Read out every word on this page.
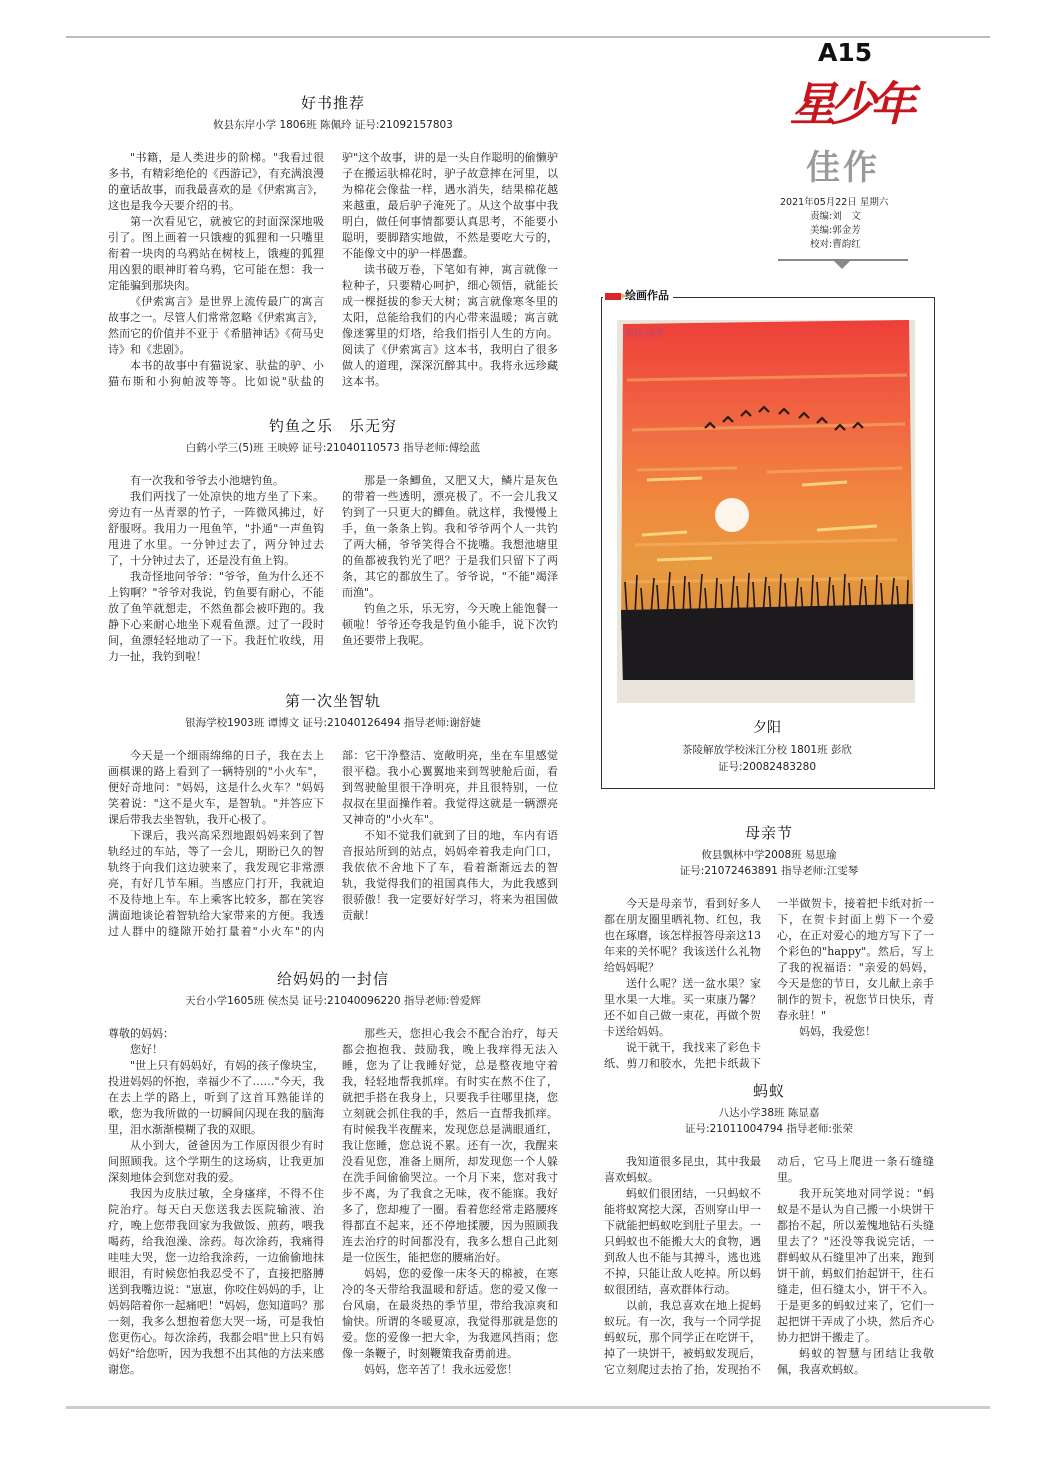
A15
星少年
佳作
2021年05月22日 星期六
责编:刘　文
美编:郭金芳
校对:曹韵红
好书推荐
攸县东岸小学 1806班 陈佩玲 证号:21092157803

"书籍，是人类进步的阶梯。"我看过很多书，有精彩绝伦的《西游记》，有充满浪漫的童话故事，而我最喜欢的是《伊索寓言》，这也是我今天要介绍的书。

第一次看见它，就被它的封面深深地吸引了。图上画着一只饿瘦的狐狸和一只嘴里衔着一块肉的乌鸦站在树枝上，饿瘦的狐狸用凶狠的眼神盯着乌鸦，它可能在想：我一定能骗到那块肉。

《伊索寓言》是世界上流传最广的寓言故事之一。尽管人们常常忽略《伊索寓言》，然而它的价值并不亚于《希腊神话》《荷马史诗》和《悲剧》。

本书的故事中有猫说家、驮盐的驴、小猫布斯和小狗帕波等等。比如说"驮盐的驴"这个故事，讲的是一头自作聪明的偷懒驴子在搬运驮棉花时，驴子故意摔在河里，以为棉花会像盐一样，遇水消失，结果棉花越来越重，最后驴子淹死了。从这个故事中我明白，做任何事情都要认真思考，不能要小聪明，要脚踏实地做，不然是要吃大亏的，不能像文中的驴一样愚蠢。

读书破万卷，下笔如有神，寓言就像一粒种子，只要精心呵护，细心领悟，就能长成一棵挺拔的参天大树；寓言就像寒冬里的太阳，总能给我们的内心带来温暖；寓言就像迷雾里的灯塔，给我们指引人生的方向。阅读了《伊索寓言》这本书，我明白了很多做人的道理，深深沉醉其中。我将永远珍藏这本书。

钓鱼之乐　乐无穷
白鹤小学三(5)班 王映婷 证号:21040110573 指导老师:傅绘蓝

有一次我和爷爷去小池塘钓鱼。

我们两找了一处凉快的地方坐了下来。旁边有一丛青翠的竹子，一阵微风拂过，好舒服呀。我用力一甩鱼竿，"扑通"一声鱼钩甩进了水里。一分钟过去了，两分钟过去了，十分钟过去了，还是没有鱼上钩。

我奇怪地问爷爷："爷爷，鱼为什么还不上钩啊？"爷爷对我说，钓鱼要有耐心，不能放了鱼竿就想走，不然鱼都会被吓跑的。我静下心来耐心地坐下观看鱼漂。过了一段时间，鱼漂轻轻地动了一下。我赶忙收线，用力一扯，我钓到啦！

那是一条鲫鱼，又肥又大，鳞片是灰色的带着一些透明，漂亮极了。不一会儿我又钓到了一只更大的鲫鱼。就这样，我慢慢上手，鱼一条条上钩。我和爷爷两个人一共钓了两大桶，爷爷笑得合不拢嘴。我想池塘里的鱼都被我钓光了吧？于是我们只留下了两条，其它的都放生了。爷爷说，"不能"竭泽而渔"。

钓鱼之乐，乐无穷，今天晚上能饱餐一顿啦！爷爷还夸我是钓鱼小能手，说下次钓鱼还要带上我呢。

第一次坐智轨
银海学校1903班 谭博文 证号:21040126494 指导老师:谢舒婕

今天是一个细雨绵绵的日子，我在去上画棋课的路上看到了一辆特别的"小火车"，便好奇地问："妈妈，这是什么火车？"妈妈笑着说："这不是火车，是智轨。"并答应下课后带我去坐智轨，我开心极了。

下课后，我兴高采烈地跟妈妈来到了智轨经过的车站，等了一会儿，期盼已久的智轨终于向我们这边驶来了，我发现它非常漂亮，有好几节车厢。当感应门打开，我就迫不及待地上车。车上乘客比较多，都在笑容满面地谈论着智轨给大家带来的方便。我透过人群中的缝隙开始打量着"小火车"的内部：它干净整洁、宽敞明亮，坐在车里感觉很平稳。我小心翼翼地来到驾驶舱后面，看到驾驶舱里很干净明亮，并且很特别，一位叔叔在里面操作着。我觉得这就是一辆漂亮又神奇的"小火车"。

不知不觉我们就到了目的地，车内有语音报站所到的站点，妈妈牵着我走向门口，我依依不舍地下了车，看着渐渐远去的智轨，我觉得我们的祖国真伟大，为此我感到很骄傲！我一定要好好学习，将来为祖国做贡献！

给妈妈的一封信
天台小学1605班 侯杰昊 证号:21040096220 指导老师:曾爱辉

尊敬的妈妈：

您好！

"世上只有妈妈好，有妈的孩子像块宝，投进妈妈的怀抱，幸福少不了……"今天，我在去上学的路上，听到了这首耳熟能详的歌，您为我所做的一切瞬间闪现在我的脑海里，泪水渐渐模糊了我的双眼。

从小到大，爸爸因为工作原因很少有时间照顾我。这个学期生的这场病，让我更加深刻地体会到您对我的爱。

我因为皮肤过敏，全身瘙痒，不得不住院治疗。每天白天您送我去医院输液、治疗，晚上您带我回家为我做饭、煎药，喂我喝药，给我泡澡、涂药。每次涂药，我痛得哇哇大哭，您一边给我涂药，一边偷偷地抹眼泪，有时候您怕我忍受不了，直接把胳膊送到我嘴边说："崽崽，你咬住妈妈的手，让妈妈陪着你一起痛吧！"妈妈，您知道吗？那一刻，我多么想抱着您大哭一场，可是我怕您更伤心。每次涂药，我都会唱"世上只有妈妈好"给您听，因为我想不出其他的方法来感谢您。

那些天，您担心我会不配合治疗，每天都会抱抱我、鼓励我，晚上我痒得无法入睡，您为了让我睡好觉，总是整夜地守着我，轻轻地帮我抓痒。有时实在熬不住了，就把手搭在我身上，只要我手往哪里挠，您立刻就会抓住我的手，然后一直帮我抓痒。有时候我半夜醒来，发现您总是满眼通红，我让您睡，您总说不累。还有一次，我醒来没看见您，准备上厕所，却发现您一个人躲在洗手间偷偷哭泣。一个月下来，您对我寸步不离，为了我食之无味，夜不能寐。我好多了，您却瘦了一圈。看着您经常走路腰疼得都直不起来，还不停地揉腰，因为照顾我连去治疗的时间都没有，我多么想自己此刻是一位医生，能把您的腰痛治好。

妈妈，您的爱像一床冬天的棉被，在寒冷的冬天带给我温暖和舒适。您的爱又像一台风扇，在最炎热的季节里，带给我凉爽和愉快。所谓的冬暖夏凉，我觉得那就是您的爱。您的爱像一把大伞，为我遮风挡雨；您像一条鞭子，时刻鞭策我奋勇前进。

妈妈，您辛苦了！我永远爱您！

绘画作品
彭欣 同学
夕阳
茶陵解放学校洣江分校 1801班 彭欣
证号:20082483280
母亲节
攸县飘林中学2008班 易思瑜
证号:21072463891 指导老师:江雯琴

今天是母亲节，看到好多人都在朋友圈里晒礼物、红包，我也在琢磨，该怎样报答母亲这13年来的关怀呢？我该送什么礼物给妈妈呢？

送什么呢？送一盆水果？家里水果一大堆。买一束康乃馨？还不如自己做一束花，再做个贺卡送给妈妈。

说干就干，我找来了彩色卡纸、剪刀和胶水，先把卡纸裁下一半做贺卡，接着把卡纸对折一下，在贺卡封面上剪下一个爱心，在正对爱心的地方写下了一个彩色的"happy"。然后，写上了我的祝福语："亲爱的妈妈，今天是您的节日，女儿献上亲手制作的贺卡，祝您节日快乐，青春永驻！"

妈妈，我爱您！

蚂蚁
八达小学38班 陈显嘉
证号:21011004794 指导老师:张荣

我知道很多昆虫，其中我最喜欢蚂蚁。

蚂蚁们很团结，一只蚂蚁不能将蚁窝挖大深，否则穿山甲一下就能把蚂蚁吃到肚子里去。一只蚂蚁也不能搬大大的食物，遇到敌人也不能与其搏斗，逃也逃不掉，只能让敌人吃掉。所以蚂蚁很团结，喜欢群体行动。

以前，我总喜欢在地上捉蚂蚁玩。有一次，我与一个同学捉蚂蚁玩，那个同学正在吃饼干，掉了一块饼干，被蚂蚁发现后，它立刻爬过去抬了抬，发现抬不动后，它马上爬进一条石缝缝里。

我开玩笑地对同学说："蚂蚁是不是认为自己搬一小块饼干都抬不起，所以羞愧地钻石头缝里去了？"还没等我说完话，一群蚂蚁从石缝里冲了出来，跑到饼干前，蚂蚁们抬起饼干，往石缝走，但石缝太小，饼干不入。于是更多的蚂蚁过来了，它们一起把饼干弄成了小块，然后齐心协力把饼干搬走了。

蚂蚁的智慧与团结让我敬佩，我喜欢蚂蚁。
